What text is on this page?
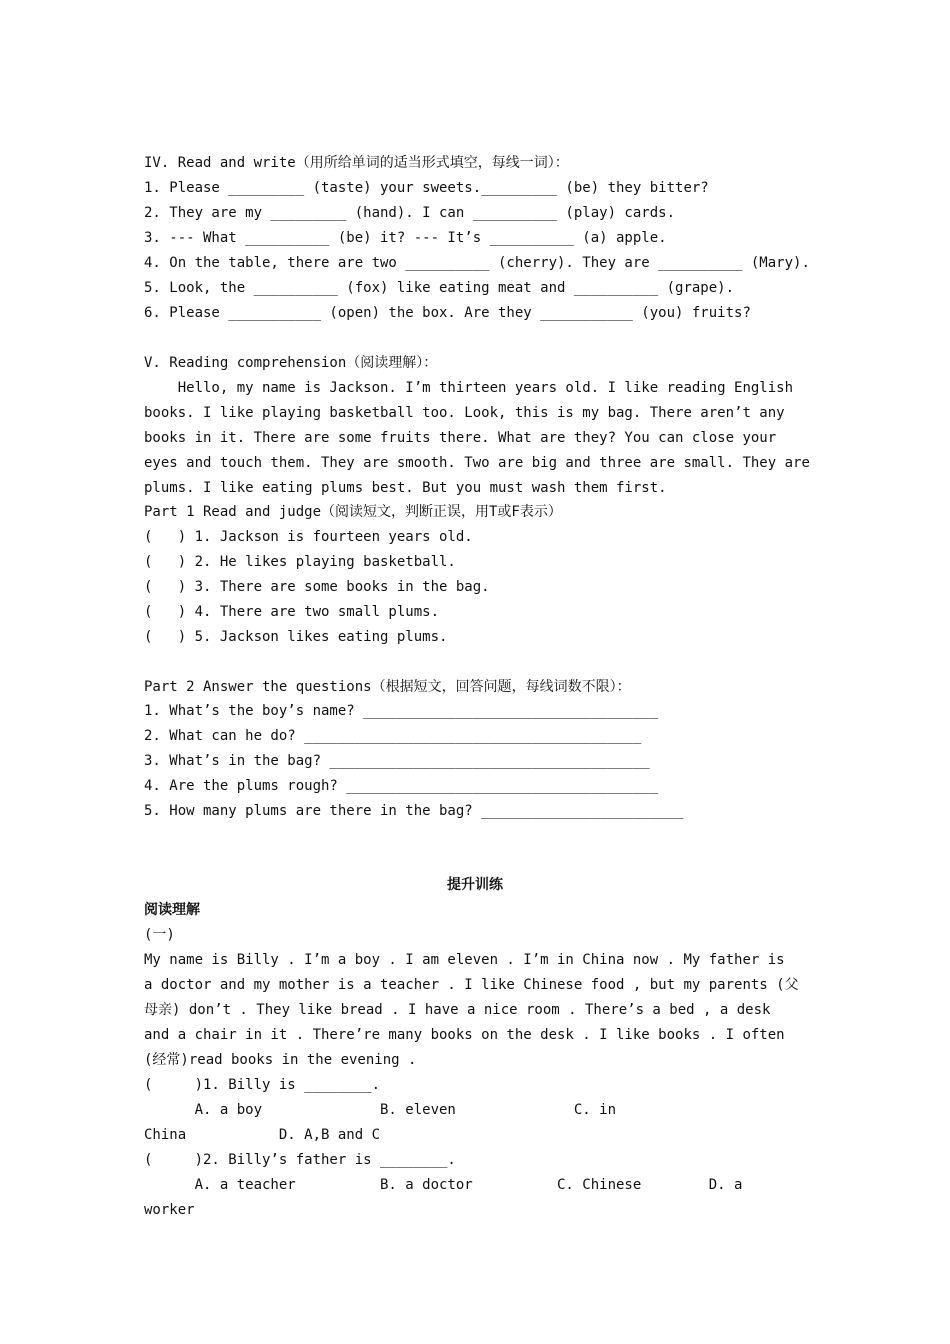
IV. Read and write（用所给单词的适当形式填空，每线一词）：
1. Please _________ (taste) your sweets._________ (be) they bitter?
2. They are my _________ (hand). I can __________ (play) cards.
3. --- What __________ (be) it? --- It’s __________ (a) apple.
4. On the table, there are two __________ (cherry). They are __________ (Mary).
5. Look, the __________ (fox) like eating meat and __________ (grape).
6. Please ___________ (open) the box. Are they ___________ (you) fruits?
V. Reading comprehension（阅读理解）：
Hello, my name is Jackson. I’m thirteen years old. I like reading English
books. I like playing basketball too. Look, this is my bag. There aren’t any
books in it. There are some fruits there. What are they? You can close your
eyes and touch them. They are smooth. Two are big and three are small. They are
plums. I like eating plums best. But you must wash them first.
Part 1 Read and judge（阅读短文，判断正误，用T或F表示）
(   ) 1. Jackson is fourteen years old.
(   ) 2. He likes playing basketball.
(   ) 3. There are some books in the bag.
(   ) 4. There are two small plums.
(   ) 5. Jackson likes eating plums.
Part 2 Answer the questions（根据短文，回答问题，每线词数不限）：
1. What’s the boy’s name? ___________________________________
2. What can he do? ________________________________________
3. What’s in the bag? ______________________________________
4. Are the plums rough? _____________________________________
5. How many plums are there in the bag? ________________________
提升训练
阅读理解
(一)
My name is Billy . I’m a boy . I am eleven . I’m in China now . My father is
a doctor and my mother is a teacher . I like Chinese food , but my parents (父
母亲) don’t . They like bread . I have a nice room . There’s a bed , a desk
and a chair in it . There’re many books on the desk . I like books . I often
(经常)read books in the evening .
(     )1. Billy is ________.
A. a boy              B. eleven              C. in
China           D. A,B and C
(     )2. Billy’s father is ________.
A. a teacher          B. a doctor          C. Chinese        D. a
worker
